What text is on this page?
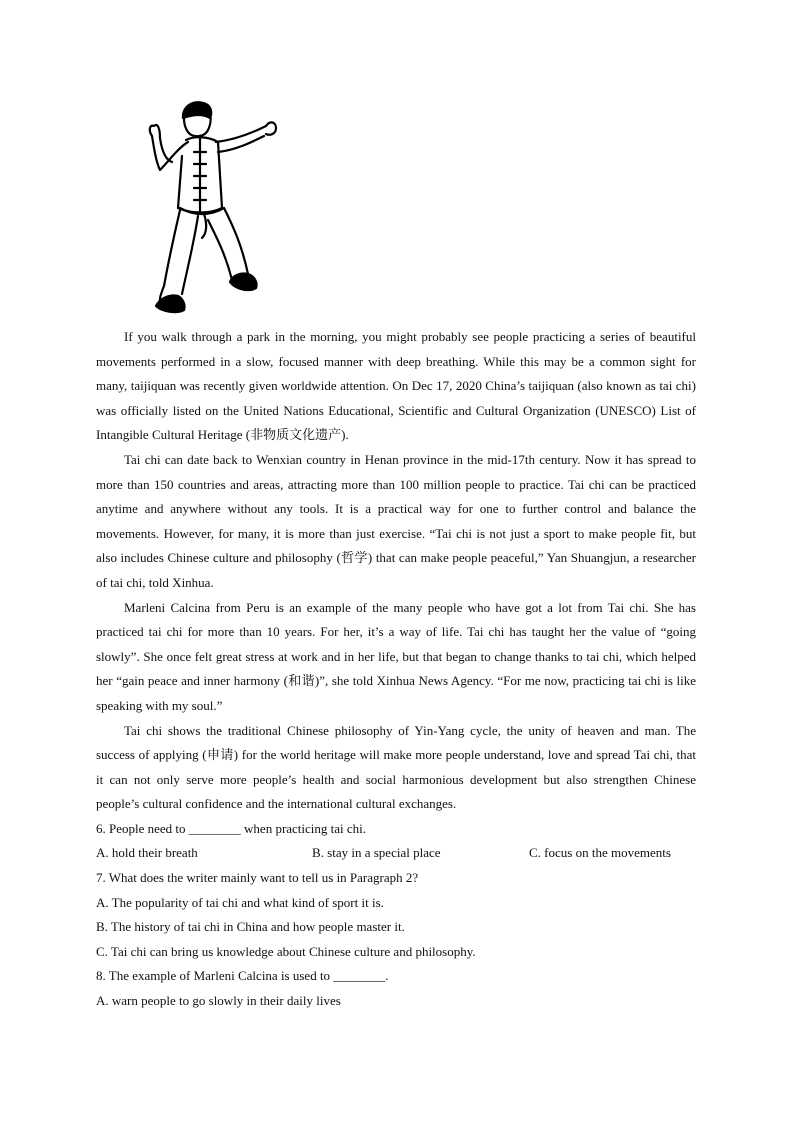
If you walk through a park in the morning, you might probably see people practicing a series of beautiful movements performed in a slow, focused manner with deep breathing. While this may be a common sight for many, taijiquan was recently given worldwide attention. On Dec 17, 2020 China’s taijiquan (also known as tai chi) was officially listed on the United Nations Educational, Scientific and Cultural Organization (UNESCO) List of Intangible Cultural Heritage (非物质文化遗产).

Tai chi can date back to Wenxian country in Henan province in the mid-17th century. Now it has spread to more than 150 countries and areas, attracting more than 100 million people to practice. Tai chi can be practiced anytime and anywhere without any tools. It is a practical way for one to further control and balance the movements. However, for many, it is more than just exercise. “Tai chi is not just a sport to make people fit, but also includes Chinese culture and philosophy (哲学) that can make people peaceful,” Yan Shuangjun, a researcher of tai chi, told Xinhua.

Marleni Calcina from Peru is an example of the many people who have got a lot from Tai chi. She has practiced tai chi for more than 10 years. For her, it’s a way of life. Tai chi has taught her the value of “going slowly”. She once felt great stress at work and in her life, but that began to change thanks to tai chi, which helped her “gain peace and inner harmony (和谐)”, she told Xinhua News Agency. “For me now, practicing tai chi is like speaking with my soul.”

Tai chi shows the traditional Chinese philosophy of Yin-Yang cycle, the unity of heaven and man. The success of applying (申请) for the world heritage will make more people understand, love and spread Tai chi, that it can not only serve more people’s health and social harmonious development but also strengthen Chinese people’s cultural confidence and the international cultural exchanges.

6. People need to ________ when practicing tai chi.

A. hold their breath	B. stay in a special place	C. focus on the movements

7. What does the writer mainly want to tell us in Paragraph 2?

A. The popularity of tai chi and what kind of sport it is.

B. The history of tai chi in China and how people master it.

C. Tai chi can bring us knowledge about Chinese culture and philosophy.

8. The example of Marleni Calcina is used to ________.

A. warn people to go slowly in their daily lives
